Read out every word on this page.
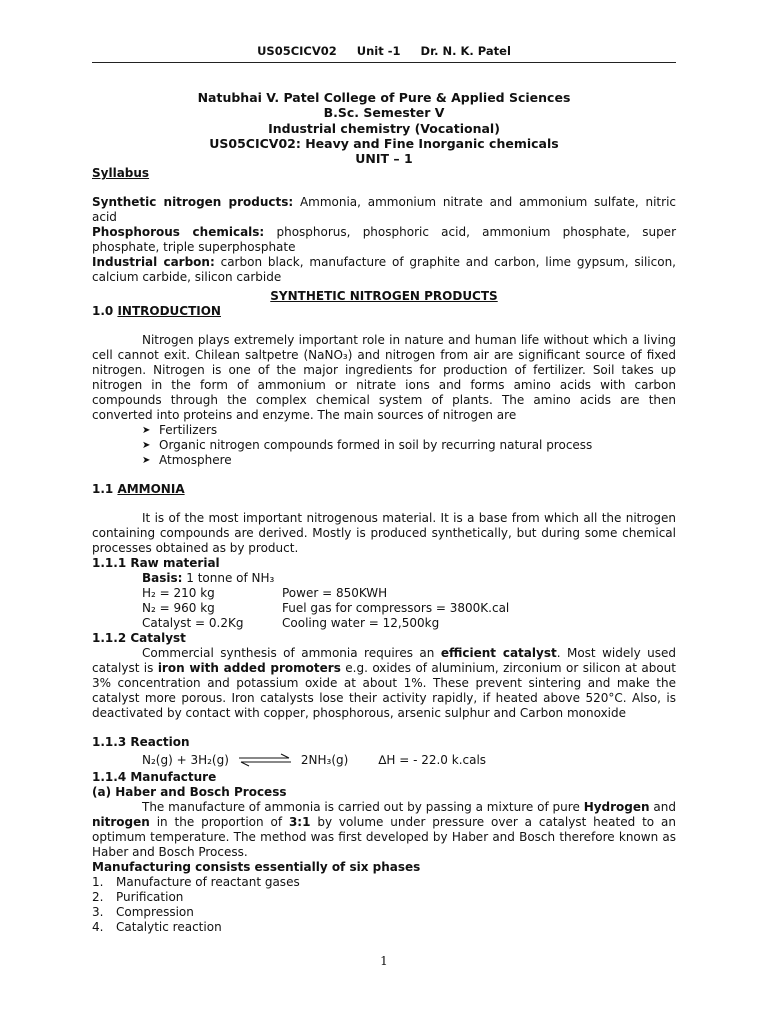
US05CICV02 Unit -1 Dr. N. K. Patel
Natubhai V. Patel College of Pure & Applied Sciences
B.Sc. Semester V
Industrial chemistry (Vocational)
US05CICV02: Heavy and Fine Inorganic chemicals
UNIT – 1

Syllabus

Synthetic nitrogen products: Ammonia, ammonium nitrate and ammonium sulfate, nitric acid

Phosphorous chemicals: phosphorus, phosphoric acid, ammonium phosphate, super phosphate, triple superphosphate

Industrial carbon: carbon black, manufacture of graphite and carbon, lime gypsum, silicon, calcium carbide, silicon carbide

SYNTHETIC NITROGEN PRODUCTS

1.0 INTRODUCTION

Nitrogen plays extremely important role in nature and human life without which a living cell cannot exit. Chilean saltpetre (NaNO₃) and nitrogen from air are significant source of fixed nitrogen. Nitrogen is one of the major ingredients for production of fertilizer. Soil takes up nitrogen in the form of ammonium or nitrate ions and forms amino acids with carbon compounds through the complex chemical system of plants. The amino acids are then converted into proteins and enzyme. The main sources of nitrogen are

➤ Fertilizers
➤ Organic nitrogen compounds formed in soil by recurring natural process
➤ Atmosphere

1.1 AMMONIA

It is of the most important nitrogenous material. It is a base from which all the nitrogen containing compounds are derived. Mostly is produced synthetically, but during some chemical processes obtained as by product.

1.1.1 Raw material

Basis: 1 tonne of NH₃

H₂ = 210 kg	Power = 850KWH
N₂ = 960 kg	Fuel gas for compressors = 3800K.cal
Catalyst = 0.2Kg	Cooling water = 12,500kg

1.1.2 Catalyst

Commercial synthesis of ammonia requires an efficient catalyst. Most widely used catalyst is iron with added promoters e.g. oxides of aluminium, zirconium or silicon at about 3% concentration and potassium oxide at about 1%. These prevent sintering and make the catalyst more porous. Iron catalysts lose their activity rapidly, if heated above 520°C. Also, is deactivated by contact with copper, phosphorous, arsenic sulphur and Carbon monoxide

1.1.3 Reaction

N₂(g) + 3H₂(g)	2NH₃(g)	∆H = - 22.0 k.cals

1.1.4 Manufacture

(a) Haber and Bosch Process

The manufacture of ammonia is carried out by passing a mixture of pure Hydrogen and nitrogen in the proportion of 3:1 by volume under pressure over a catalyst heated to an optimum temperature. The method was first developed by Haber and Bosch therefore known as Haber and Bosch Process.

Manufacturing consists essentially of six phases

1.	Manufacture of reactant gases
2.	Purification
3.	Compression
4.	Catalytic reaction
1
